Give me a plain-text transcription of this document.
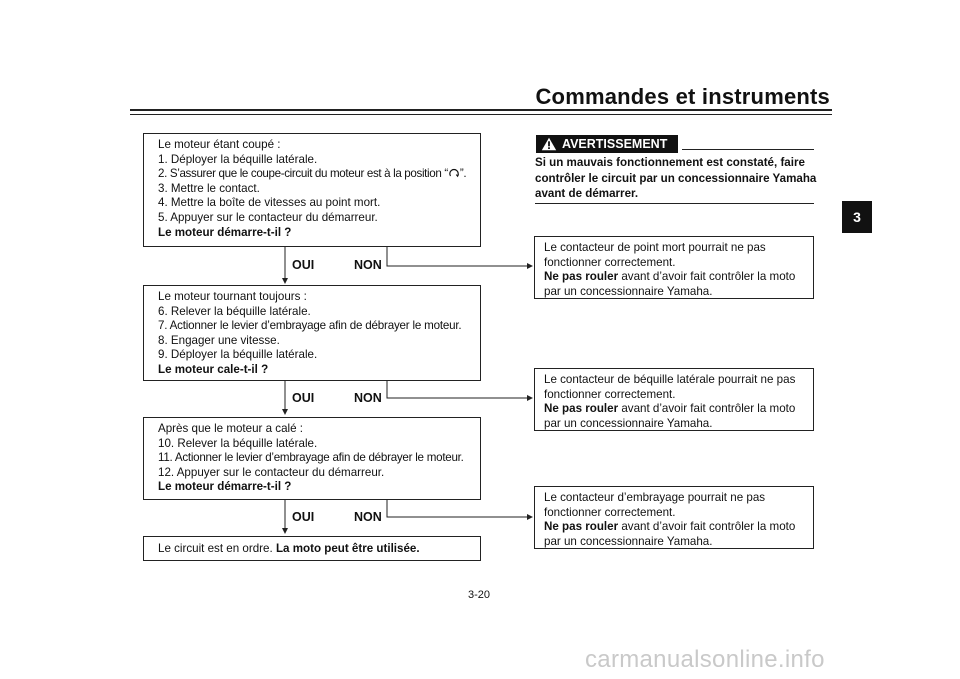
Commandes et instruments
3
Le moteur étant coupé :
1. Déployer la béquille latérale.
2. S’assurer que le coupe-circuit du moteur est à la position “ ”.
3. Mettre le contact.
4. Mettre la boîte de vitesses au point mort.
5. Appuyer sur le contacteur du démarreur.
Le moteur démarre-t-il ?
OUI	NON
Le moteur tournant toujours :
6. Relever la béquille latérale.
7. Actionner le levier d’embrayage afin de débrayer le moteur.
8. Engager une vitesse.
9. Déployer la béquille latérale.
Le moteur cale-t-il ?
OUI	NON
Après que le moteur a calé :
10. Relever la béquille latérale.
11. Actionner le levier d’embrayage afin de débrayer le moteur.
12. Appuyer sur le contacteur du démarreur.
Le moteur démarre-t-il ?
OUI	NON
Le circuit est en ordre. La moto peut être utilisée.
AVERTISSEMENT
Si un mauvais fonctionnement est constaté, faire contrôler le circuit par un concessionnaire Yamaha avant de démarrer.
Le contacteur de point mort pourrait ne pas
fonctionner correctement.
Ne pas rouler avant d’avoir fait contrôler la moto
par un concessionnaire Yamaha.
Le contacteur de béquille latérale pourrait ne pas
fonctionner correctement.
Ne pas rouler avant d’avoir fait contrôler la moto
par un concessionnaire Yamaha.
Le contacteur d’embrayage pourrait ne pas
fonctionner correctement.
Ne pas rouler avant d’avoir fait contrôler la moto
par un concessionnaire Yamaha.
3-20
carmanualsonline.info
